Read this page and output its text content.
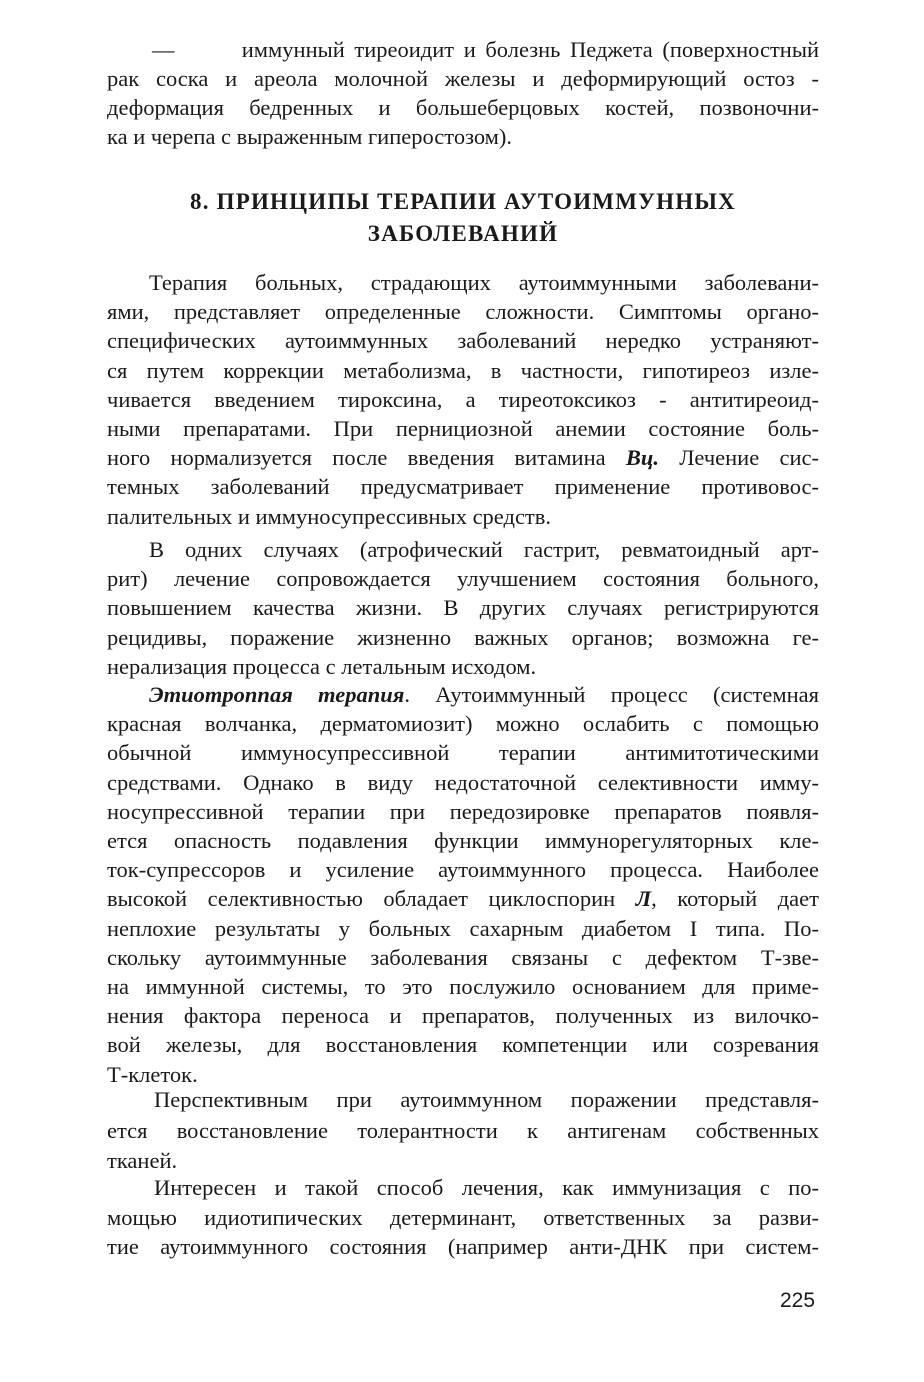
—       иммунный тиреоидит и болезнь Педжета (поверхностный
рак соска и ареола молочной железы и деформирующий остоз -
деформация бедренных и большеберцовых костей, позвоночни-
ка и черепа с выраженным гиперостозом).
8. ПРИНЦИПЫ ТЕРАПИИ АУТОИММУННЫХ
ЗАБОЛЕВАНИЙ
Терапия больных, страдающих аутоиммунными заболевани-
ями, представляет определенные сложности. Симптомы органо-
специфических аутоиммунных заболеваний нередко устраняют-
ся путем коррекции метаболизма, в частности, гипотиреоз изле-
чивается введением тироксина, а тиреотоксикоз - антитиреоид-
ными препаратами. При пернициозной анемии состояние боль-
ного нормализуется после введения витамина Вц. Лечение сис-
темных заболеваний предусматривает применение противовос-
палительных и иммуносупрессивных средств.
В одних случаях (атрофический гастрит, ревматоидный арт-
рит) лечение сопровождается улучшением состояния больного,
повышением качества жизни. В других случаях регистрируются
рецидивы, поражение жизненно важных органов; возможна ге-
нерализация процесса с летальным исходом.
Этиотроппая терапия. Аутоиммунный процесс (системная
красная волчанка, дерматомиозит) можно ослабить с помощью
обычной иммуносупрессивной терапии антимитотическими
средствами. Однако в виду недостаточной селективности имму-
носупрессивной терапии при передозировке препаратов появля-
ется опасность подавления функции иммунорегуляторных кле-
ток-супрессоров и усиление аутоиммунного процесса. Наиболее
высокой селективностью обладает циклоспорин Л, который дает
неплохие результаты у больных сахарным диабетом I типа. По-
скольку аутоиммунные заболевания связаны с дефектом Т-зве-
на иммунной системы, то это послужило основанием для приме-
нения фактора переноса и препаратов, полученных из вилочко-
вой железы, для восстановления компетенции или созревания
Т-клеток.
Перспективным при аутоиммунном поражении представля-
ется восстановление толерантности к антигенам собственных
тканей.
Интересен и такой способ лечения, как иммунизация с по-
мощью идиотипических детерминант, ответственных за разви-
тие аутоиммунного состояния (например анти-ДНК при систем-
225
